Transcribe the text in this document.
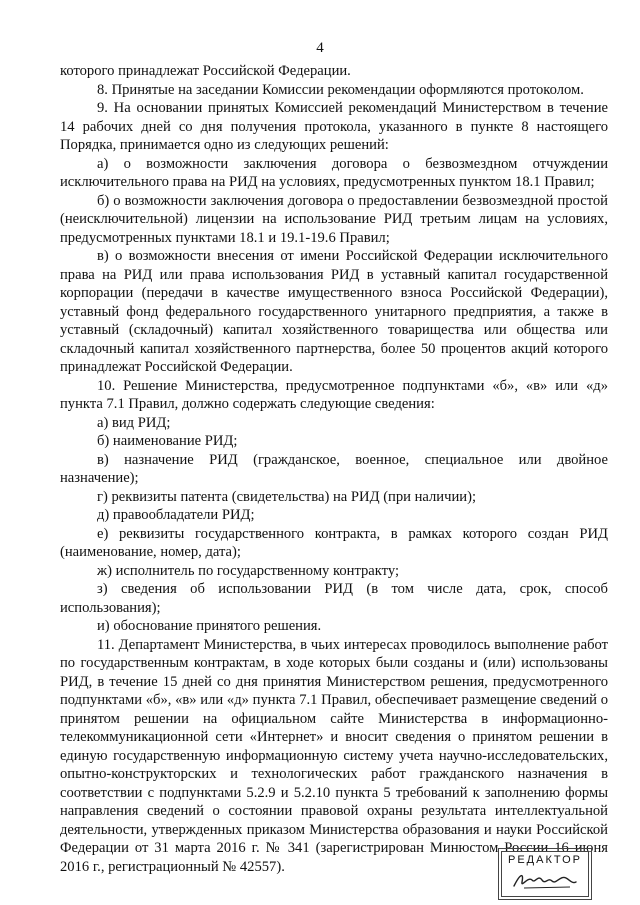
4

которого принадлежат Российской Федерации.

8. Принятые на заседании Комиссии рекомендации оформляются протоколом.

9. На основании принятых Комиссией рекомендаций Министерством в течение 14 рабочих дней со дня получения протокола, указанного в пункте 8 настоящего Порядка, принимается одно из следующих решений:

а) о возможности заключения договора о безвозмездном отчуждении исключительного права на РИД на условиях, предусмотренных пунктом 18.1 Правил;

б) о возможности заключения договора о предоставлении безвозмездной простой (неисключительной) лицензии на использование РИД третьим лицам на условиях, предусмотренных пунктами 18.1 и 19.1-19.6 Правил;

в) о возможности внесения от имени Российской Федерации исключительного права на РИД или права использования РИД в уставный капитал государственной корпорации (передачи в качестве имущественного взноса Российской Федерации), уставный фонд федерального государственного унитарного предприятия, а также в уставный (складочный) капитал хозяйственного товарищества или общества или складочный капитал хозяйственного партнерства, более 50 процентов акций которого принадлежат Российской Федерации.

10. Решение Министерства, предусмотренное подпунктами «б», «в» или «д» пункта 7.1 Правил, должно содержать следующие сведения:

а) вид РИД;

б) наименование РИД;

в) назначение РИД (гражданское, военное, специальное или двойное назначение);

г) реквизиты патента (свидетельства) на РИД (при наличии);

д) правообладатели РИД;

е) реквизиты государственного контракта, в рамках которого создан РИД (наименование, номер, дата);

ж) исполнитель по государственному контракту;

з) сведения об использовании РИД (в том числе дата, срок, способ использования);

и) обоснование принятого решения.

11. Департамент Министерства, в чьих интересах проводилось выполнение работ по государственным контрактам, в ходе которых были созданы и (или) использованы РИД, в течение 15 дней со дня принятия Министерством решения, предусмотренного подпунктами «б», «в» или «д» пункта 7.1 Правил, обеспечивает размещение сведений о принятом решении на официальном сайте Министерства в информационно-телекоммуникационной сети «Интернет» и вносит сведения о принятом решении в единую государственную информационную систему учета научно-исследовательских, опытно-конструкторских и технологических работ гражданского назначения в соответствии с подпунктами 5.2.9 и 5.2.10 пункта 5 требований к заполнению формы направления сведений о состоянии правовой охраны результата интеллектуальной деятельности, утвержденных приказом Министерства образования и науки Российской Федерации от 31 марта 2016 г. № 341 (зарегистрирован Минюстом России 16 июня 2016 г., регистрационный № 42557).	РЕДАКТОР
